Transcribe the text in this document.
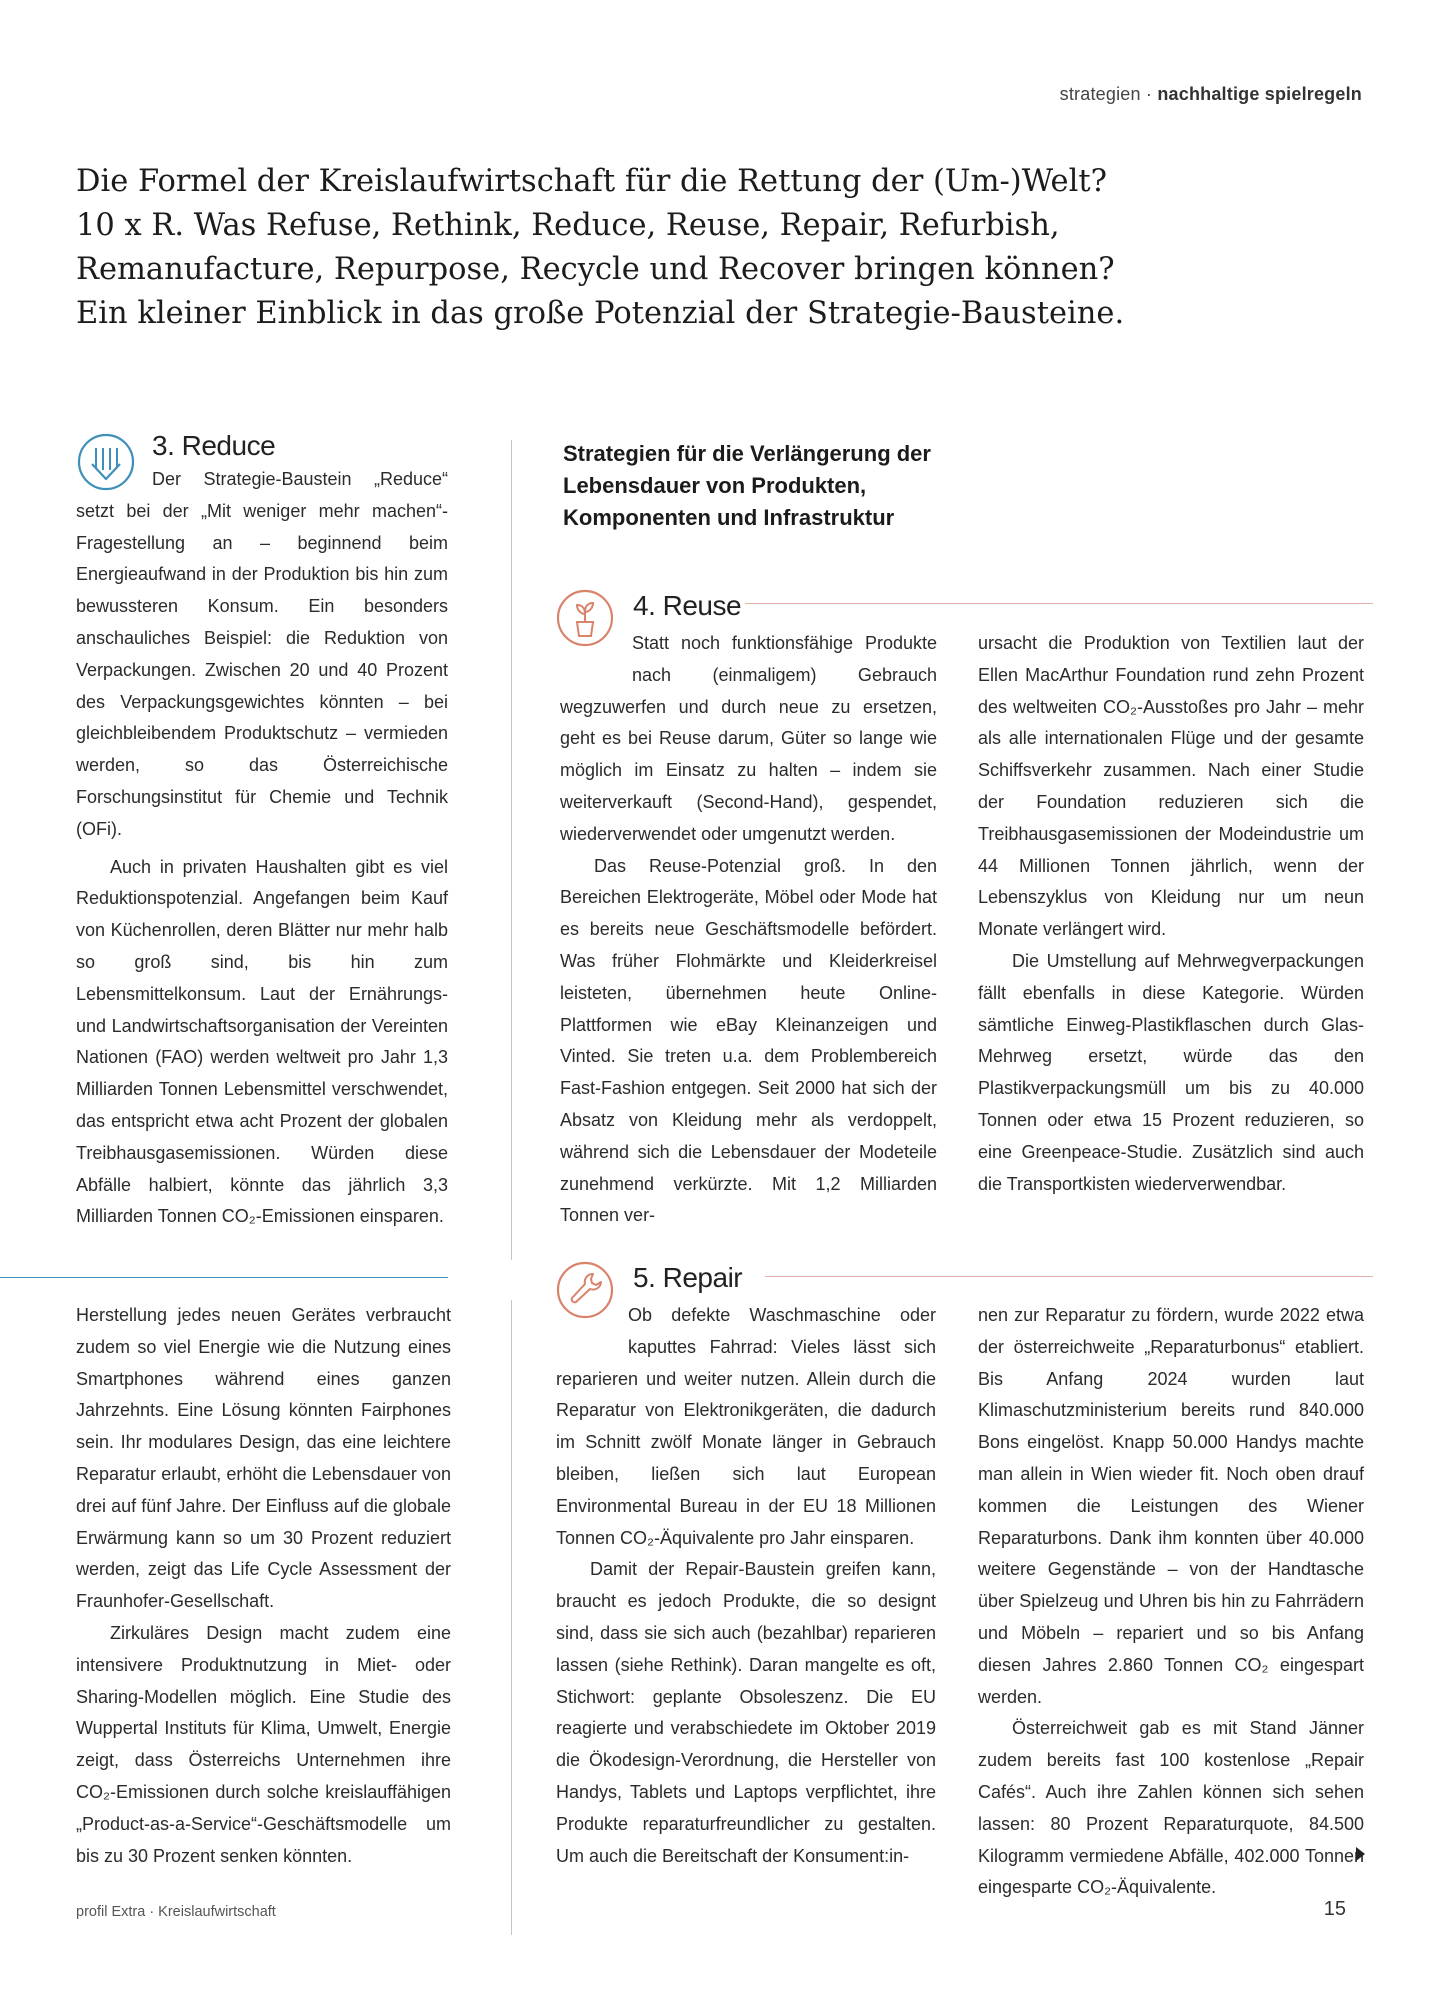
strategien · nachhaltige spielregeln
Die Formel der Kreislaufwirtschaft für die Rettung der (Um-)Welt?
10 x R. Was Refuse, Rethink, Reduce, Reuse, Repair, Refurbish,
Remanufacture, Repurpose, Recycle und Recover bringen können?
Ein kleiner Einblick in das große Potenzial der Strategie-Bausteine.
3. Reduce

Der Strategie-Baustein „Reduce“ setzt bei der „Mit weniger mehr machen“-Fragestellung an – beginnend beim Energieaufwand in der Produktion bis hin zum bewussteren Konsum. Ein besonders anschauliches Beispiel: die Reduktion von Verpackungen. Zwischen 20 und 40 Prozent des Verpackungsgewichtes könnten – bei gleichbleibendem Produktschutz – vermieden werden, so das Österreichische Forschungsinstitut für Chemie und Technik (OFi).

Auch in privaten Haushalten gibt es viel Reduktionspotenzial. Angefangen beim Kauf von Küchenrollen, deren Blätter nur mehr halb so groß sind, bis hin zum Lebensmittelkonsum. Laut der Ernährungs- und Landwirtschaftsorganisation der Vereinten Nationen (FAO) werden weltweit pro Jahr 1,3 Milliarden Tonnen Lebensmittel verschwendet, das entspricht etwa acht Prozent der globalen Treibhausgasemissionen. Würden diese Abfälle halbiert, könnte das jährlich 3,3 Milliarden Tonnen CO₂-Emissionen einsparen.

Strategien für die Verlängerung der Lebensdauer von Produkten, Komponenten und Infrastruktur
4. Reuse

Statt noch funktionsfähige Produkte nach (einmaligem) Gebrauch wegzuwerfen und durch neue zu ersetzen, geht es bei Reuse darum, Güter so lange wie möglich im Einsatz zu halten – indem sie weiterverkauft (Second-Hand), gespendet, wiederverwendet oder umgenutzt werden.

Das Reuse-Potenzial groß. In den Bereichen Elektrogeräte, Möbel oder Mode hat es bereits neue Geschäftsmodelle befördert. Was früher Flohmärkte und Kleiderkreisel leisteten, übernehmen heute Online-Plattformen wie eBay Kleinanzeigen und Vinted. Sie treten u.a. dem Problembereich Fast-Fashion entgegen. Seit 2000 hat sich der Absatz von Kleidung mehr als verdoppelt, während sich die Lebensdauer der Modeteile zunehmend verkürzte. Mit 1,2 Milliarden Tonnen ver-

ursacht die Produktion von Textilien laut der Ellen MacArthur Foundation rund zehn Prozent des weltweiten CO₂-Ausstoßes pro Jahr – mehr als alle internationalen Flüge und der gesamte Schiffsverkehr zusammen. Nach einer Studie der Foundation reduzieren sich die Treibhausgasemissionen der Modeindustrie um 44 Millionen Tonnen jährlich, wenn der Lebenszyklus von Kleidung nur um neun Monate verlängert wird.

Die Umstellung auf Mehrwegverpackungen fällt ebenfalls in diese Kategorie. Würden sämtliche Einweg-Plastikflaschen durch Glas-Mehrweg ersetzt, würde das den Plastikverpackungsmüll um bis zu 40.000 Tonnen oder etwa 15 Prozent reduzieren, so eine Greenpeace-Studie. Zusätzlich sind auch die Transportkisten wiederverwendbar.

Herstellung jedes neuen Gerätes verbraucht zudem so viel Energie wie die Nutzung eines Smartphones während eines ganzen Jahrzehnts. Eine Lösung könnten Fairphones sein. Ihr modulares Design, das eine leichtere Reparatur erlaubt, erhöht die Lebensdauer von drei auf fünf Jahre. Der Einfluss auf die globale Erwärmung kann so um 30 Prozent reduziert werden, zeigt das Life Cycle Assessment der Fraunhofer-Gesellschaft.

Zirkuläres Design macht zudem eine intensivere Produktnutzung in Miet- oder Sharing-Modellen möglich. Eine Studie des Wuppertal Instituts für Klima, Umwelt, Energie zeigt, dass Österreichs Unternehmen ihre CO₂-Emissionen durch solche kreislauffähigen „Product-as-a-Service“-Geschäftsmodelle um bis zu 30 Prozent senken könnten.

5. Repair

Ob defekte Waschmaschine oder kaputtes Fahrrad: Vieles lässt sich reparieren und weiter nutzen. Allein durch die Reparatur von Elektronikgeräten, die dadurch im Schnitt zwölf Monate länger in Gebrauch bleiben, ließen sich laut European Environmental Bureau in der EU 18 Millionen Tonnen CO₂-Äquivalente pro Jahr einsparen.

Damit der Repair-Baustein greifen kann, braucht es jedoch Produkte, die so designt sind, dass sie sich auch (bezahlbar) reparieren lassen (siehe Rethink). Daran mangelte es oft, Stichwort: geplante Obsoleszenz. Die EU reagierte und verabschiedete im Oktober 2019 die Ökodesign-Verordnung, die Hersteller von Handys, Tablets und Laptops verpflichtet, ihre Produkte reparaturfreundlicher zu gestalten. Um auch die Bereitschaft der Konsument:in-

nen zur Reparatur zu fördern, wurde 2022 etwa der österreichweite „Reparaturbonus“ etabliert. Bis Anfang 2024 wurden laut Klimaschutzministerium bereits rund 840.000 Bons eingelöst. Knapp 50.000 Handys machte man allein in Wien wieder fit. Noch oben drauf kommen die Leistungen des Wiener Reparaturbons. Dank ihm konnten über 40.000 weitere Gegenstände – von der Handtasche über Spielzeug und Uhren bis hin zu Fahrrädern und Möbeln – repariert und so bis Anfang diesen Jahres 2.860 Tonnen CO₂ eingespart werden.

Österreichweit gab es mit Stand Jänner zudem bereits fast 100 kostenlose „Repair Cafés“. Auch ihre Zahlen können sich sehen lassen: 80 Prozent Reparaturquote, 84.500 Kilogramm vermiedene Abfälle, 402.000 Tonnen eingesparte CO₂-Äquivalente.

profil Extra · Kreislaufwirtschaft	15
